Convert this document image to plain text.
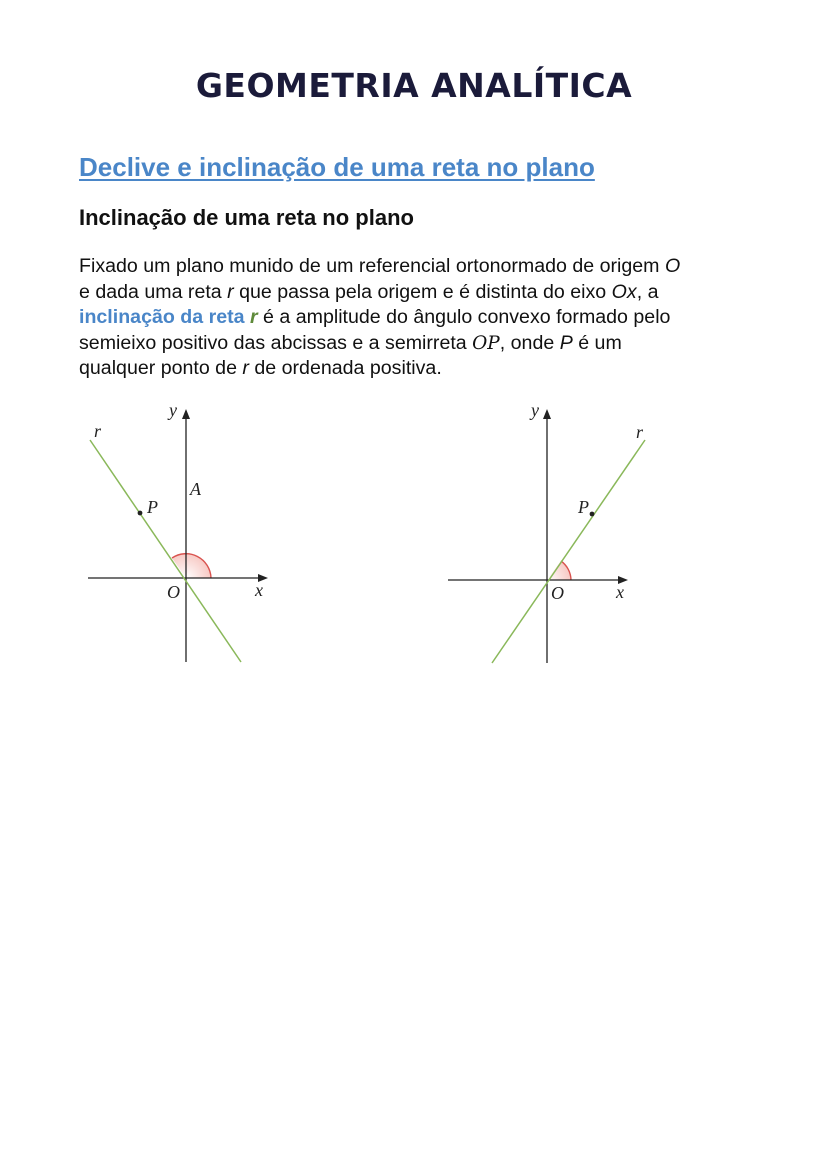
GEOMETRIA ANALÍTICA
Declive e inclinação de uma reta no plano
Inclinação de uma reta no plano

Fixado um plano munido de um referencial ortonormado de origem O
e dada uma reta r que passa pela origem e é distinta do eixo Ox, a
inclinação da reta r é a amplitude do ângulo convexo formado pelo
semieixo positivo das abcissas e a semirreta OP, onde P é um
qualquer ponto de r de ordenada positiva.

r
y
A
P
O	x
r
y
P
O	x
